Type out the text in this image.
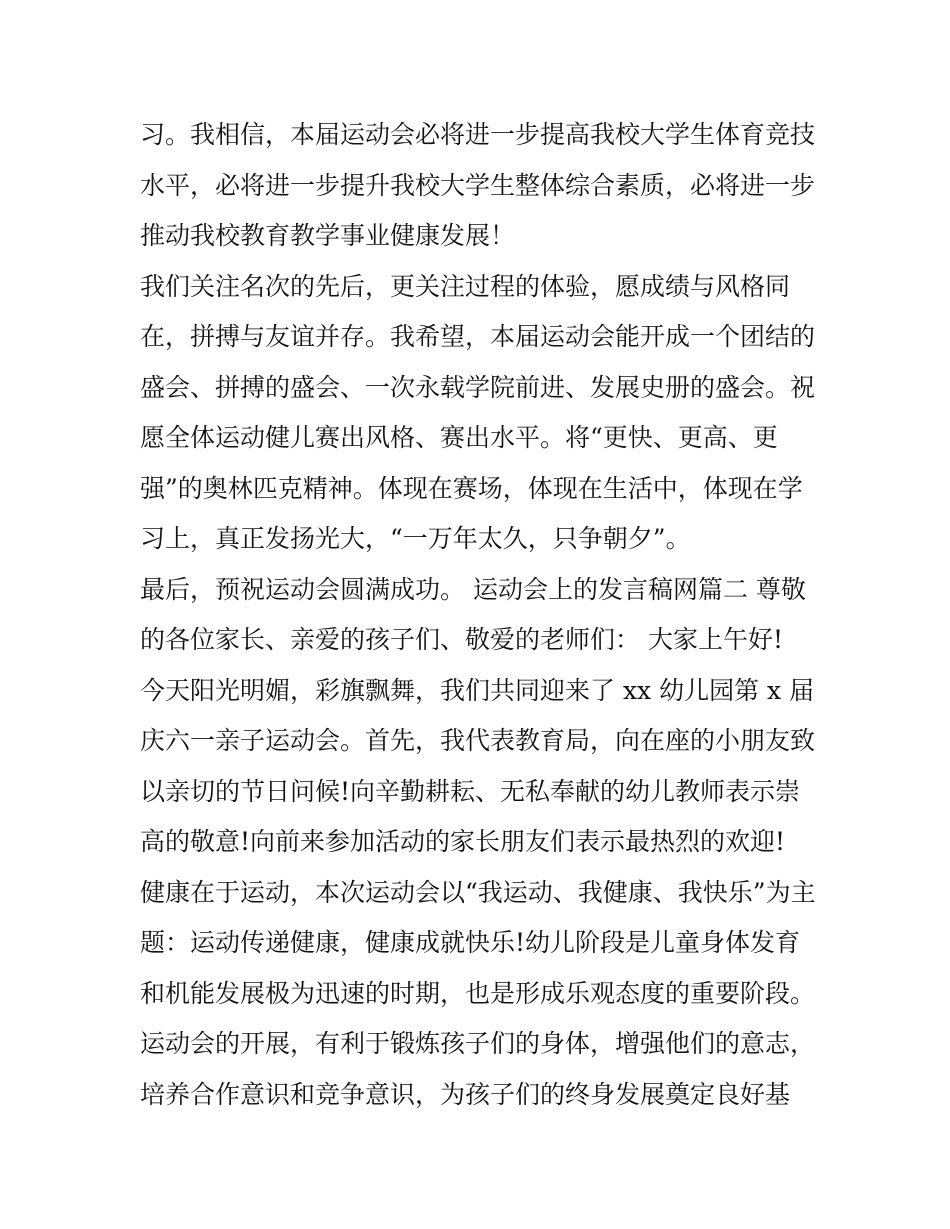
习。我相信，本届运动会必将进一步提高我校大学生体育竞技
水平，必将进一步提升我校大学生整体综合素质，必将进一步
推动我校教育教学事业健康发展！
我们关注名次的先后，更关注过程的体验，愿成绩与风格同
在，拼搏与友谊并存。我希望，本届运动会能开成一个团结的
盛会、拼搏的盛会、一次永载学院前进、发展史册的盛会。祝
愿全体运动健儿赛出风格、赛出水平。将“更快、更高、更
强”的奥林匹克精神。体现在赛场，体现在生活中，体现在学
习上，真正发扬光大，“一万年太久，只争朝夕”。
最后，预祝运动会圆满成功。 运动会上的发言稿网篇二 尊敬
的各位家长、亲爱的孩子们、敬爱的老师们： 大家上午好!
今天阳光明媚，彩旗飘舞，我们共同迎来了 xx 幼儿园第 x 届
庆六一亲子运动会。首先，我代表教育局，向在座的小朋友致
以亲切的节日问候!向辛勤耕耘、无私奉献的幼儿教师表示崇
高的敬意!向前来参加活动的家长朋友们表示最热烈的欢迎!
健康在于运动，本次运动会以“我运动、我健康、我快乐”为主
题：运动传递健康，健康成就快乐!幼儿阶段是儿童身体发育
和机能发展极为迅速的时期，也是形成乐观态度的重要阶段。
运动会的开展，有利于锻炼孩子们的身体，增强他们的意志，
培养合作意识和竞争意识，为孩子们的终身发展奠定良好基
